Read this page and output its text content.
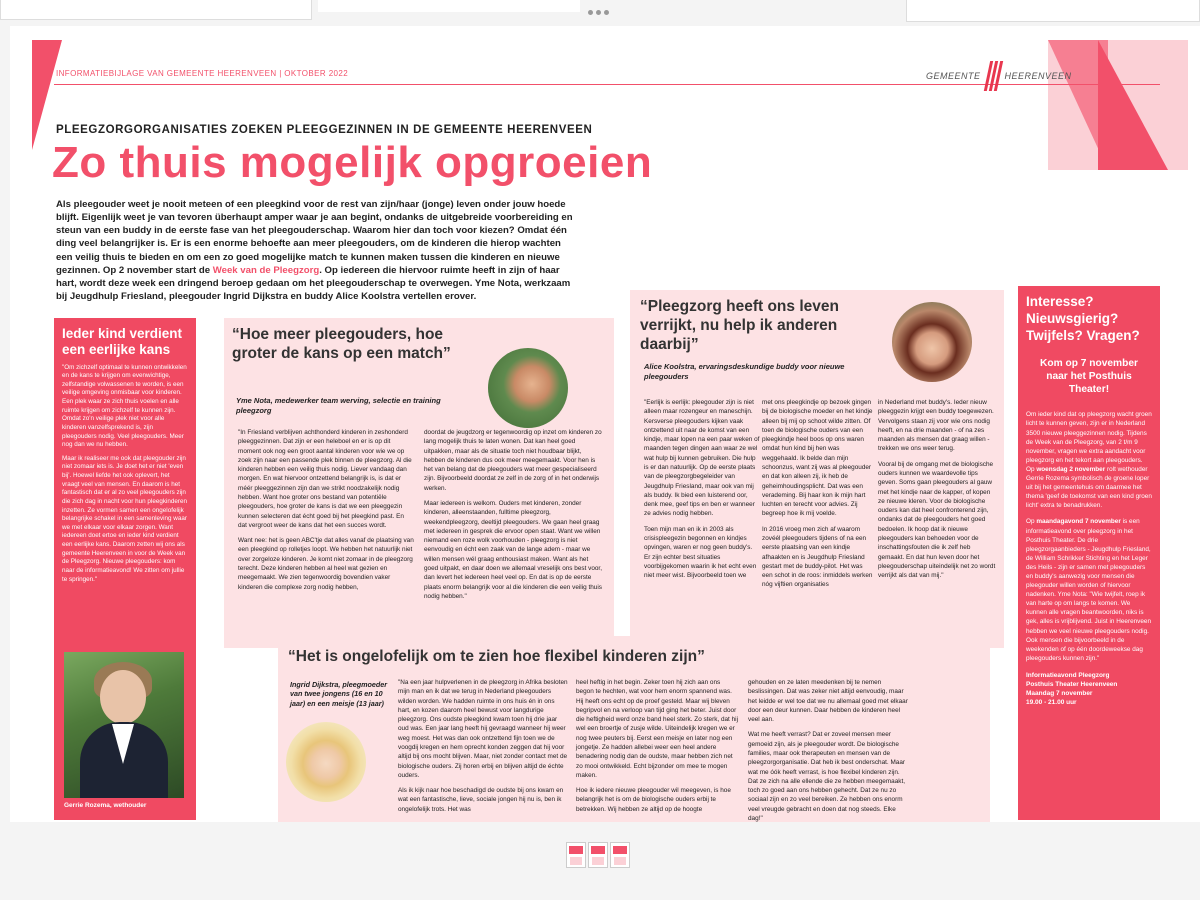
INFORMATIEBIJLAGE VAN GEMEENTE HEERENVEEN | OKTOBER 2022	GEMEENTE	HEERENVEEN
PLEEGZORGORGANISATIES ZOEKEN PLEEGGEZINNEN IN DE GEMEENTE HEERENVEEN
Zo thuis mogelijk opgroeien
Als pleegouder weet je nooit meteen of een pleegkind voor de rest van zijn/haar (jonge) leven onder jouw hoede blijft. Eigenlijk weet je van tevoren überhaupt amper waar je aan begint, ondanks de uitgebreide voorbereiding en steun van een buddy in de eerste fase van het pleegouderschap. Waarom hier dan toch voor kiezen? Omdat één ding veel belangrijker is. Er is een enorme behoefte aan meer pleegouders, om de kinderen die hierop wachten een veilig thuis te bieden en om een zo goed mogelijke match te kunnen maken tussen die kinderen en nieuwe gezinnen. Op 2 november start de Week van de Pleegzorg. Op iedereen die hiervoor ruimte heeft in zijn of haar hart, wordt deze week een dringend beroep gedaan om het pleegouderschap te overwegen. Yme Nota, werkzaam bij Jeugdhulp Friesland, pleegouder Ingrid Dijkstra en buddy Alice Koolstra vertellen erover.
Ieder kind verdient een eerlijke kans

"Om zichzelf optimaal te kunnen ontwikkelen en de kans te krijgen om evenwichtige, zelfstandige volwassenen te worden, is een veilige omgeving onmisbaar voor kinderen. Een plek waar ze zich thuis voelen en alle ruimte krijgen om zichzelf te kunnen zijn. Omdat zo'n veilige plek niet voor alle kinderen vanzelfsprekend is, zijn pleegouders nodig. Veel pleegouders. Meer nog dan we nu hebben.

Maar ik realiseer me ook dat pleegouder zijn niet zomaar iets is. Je doet het er niet 'even bij'. Hoewel liefde het ook oplevert, het vraagt veel van mensen. En daarom is het fantastisch dat er al zo veel pleegouders zijn die zich dag in nacht voor hun pleegkinderen inzetten. Ze vormen samen een ongelofelijk belangrijke schakel in een samenleving waar we met elkaar voor elkaar zorgen. Want iedereen doet ertoe en ieder kind verdient een eerlijke kans. Daarom zetten wij ons als gemeente Heerenveen in voor de Week van de Pleegzorg. Nieuwe pleegouders: kom naar de informatieavond! We zitten om jullie te springen."

Gerrie Rozema, wethouder
“Hoe meer pleegouders, hoe groter de kans op een match”
Yme Nota, medewerker team werving, selectie en training pleegzorg

"In Friesland verblijven achthonderd kinderen in zeshonderd pleeggezinnen. Dat zijn er een heleboel en er is op dit moment ook nog een groot aantal kinderen voor wie we op zoek zijn naar een passende plek binnen de pleegzorg. Al die kinderen hebben een veilig thuis nodig. Liever vandaag dan morgen. En wat hiervoor ontzettend belangrijk is, is dat er méér pleeggezinnen zijn dan we strikt noodzakelijk nodig hebben. Want hoe groter ons bestand van potentiële pleegouders, hoe groter de kans is dat we een pleeggezin kunnen selecteren dat écht goed bij het pleegkind past. En dat vergroot weer de kans dat het een succes wordt.

Want nee: het is geen ABC'tje dat alles vanaf de plaatsing van een pleegkind op rolletjes loopt. We hebben het natuurlijk niet over zorgeloze kinderen. Je komt niet zomaar in de pleegzorg terecht. Deze kinderen hebben al heel wat gezien en meegemaakt. We zien tegenwoordig bovendien vaker kinderen die complexe zorg nodig hebben,

doordat de jeugdzorg er tegenwoordig op inzet om kinderen zo lang mogelijk thuis te laten wonen. Dat kan heel goed uitpakken, maar als de situatie toch niet houdbaar blijkt, hebben de kinderen dus ook meer meegemaakt. Voor hen is het van belang dat de pleegouders wat meer gespecialiseerd zijn. Bijvoorbeeld doordat ze zelf in de zorg of in het onderwijs werken.

Maar iedereen is welkom. Ouders met kinderen, zonder kinderen, alleenstaanden, fulltime pleegzorg, weekendpleegzorg, deeltijd pleegouders. We gaan heel graag met iedereen in gesprek die ervoor open staat. Want we willen niemand een roze wolk voorhouden - pleegzorg is niet eenvoudig en écht een zaak van de lange adem - maar we willen mensen wél graag enthousiast maken. Want als het goed uitpakt, en daar doen we allemaal vreselijk ons best voor, dan levert het iedereen heel veel op. En dat is op de eerste plaats enorm belangrijk voor al die kinderen die een veilig thuis nodig hebben."

“Pleegzorg heeft ons leven verrijkt, nu help ik anderen daarbij”
Alice Koolstra, ervaringsdeskundige buddy voor nieuwe pleegouders

"Eerlijk is eerlijk: pleegouder zijn is niet alleen maar rozengeur en maneschijn. Kersverse pleegouders kijken vaak ontzettend uit naar de komst van een kindje, maar lopen na een paar weken of maanden tegen dingen aan waar ze wel wat hulp bij kunnen gebruiken. Die hulp is er dan natuurlijk. Op de eerste plaats van de pleegzorgbegeleider van Jeugdhulp Friesland, maar ook van mij als buddy. Ik bied een luisterend oor, denk mee, geef tips en ben er wanneer ze advies nodig hebben.

Toen mijn man en ik in 2003 als crisispleegezin begonnen en kindjes opvingen, waren er nog geen buddy's. Er zijn echter best situaties voorbijgekomen waarin ik het echt even niet meer wist. Bijvoorbeeld toen we

met ons pleegkindje op bezoek gingen bij de biologische moeder en het kindje alleen bij mij op schoot wilde zitten. Of toen de biologische ouders van een pleegkindje heel boos op ons waren omdat hun kind bij hen was weggehaald. Ik belde dan mijn schoonzus, want zij was al pleegouder en dat kon alleen zij, ik heb de geheimhoudingsplicht. Dat was een verademing. Bij haar kon ik mijn hart luchten en terecht voor advies. Zij begreep hoe ik mij voelde.

In 2016 vroeg men zich af waarom zovéél pleegouders tijdens of na een eerste plaatsing van een kindje afhaakten en is Jeugdhulp Friesland gestart met de buddy-pilot. Het was een schot in de roos: inmiddels werken nóg vijftien organisaties

in Nederland met buddy's. Ieder nieuw pleeggezin krijgt een buddy toegewezen. Vervolgens staan zij voor wie ons nodig heeft, en na drie maanden - of na zes maanden als mensen dat graag willen - trekken we ons weer terug.

Vooral bij de omgang met de biologische ouders kunnen we waardevolle tips geven. Soms gaan pleegouders al gauw met het kindje naar de kapper, of kopen ze nieuwe kleren. Voor de biologische ouders kan dat heel confronterend zijn, ondanks dat de pleegouders het goed bedoelen. Ik hoop dat ik nieuwe pleegouders kan behoeden voor de inschattingsfouten die ik zelf heb gemaakt. En dat hun leven door het pleegouderschap uiteindelijk net zo wordt verrijkt als dat van mij."

“Het is ongelofelijk om te zien hoe flexibel kinderen zijn”
Ingrid Dijkstra, pleegmoeder van twee jongens (16 en 10 jaar) en een meisje (13 jaar)

"Na een jaar hulpverlenen in de pleegzorg in Afrika besloten mijn man en ik dat we terug in Nederland pleegouders wilden worden. We hadden ruimte in ons huis én in ons hart, en kozen daarom heel bewust voor langdurige pleegzorg. Ons oudste pleegkind kwam toen hij drie jaar oud was. Een jaar lang heeft hij gevraagd wanneer hij weer weg moest. Het was dan ook ontzettend fijn toen we de voogdij kregen en hem oprecht konden zeggen dat hij voor altijd bij ons mocht blijven. Maar, niet zonder contact met de biologische ouders. Zij horen erbij en blijven altijd de échte ouders.

Als ik kijk naar hoe beschadigd de oudste bij ons kwam en wat een fantastische, lieve, sociale jongen hij nu is, ben ik ongelofelijk trots. Het was

heel heftig in het begin. Zeker toen hij zich aan ons begon te hechten, wat voor hem enorm spannend was. Hij heeft ons echt op de proef gesteld. Maar wij bleven begripvol en na verloop van tijd ging het beter. Juist door die heftigheid werd onze band heel sterk. Zo sterk, dat hij wel een broertje of zusje wilde. Uiteindelijk kregen we er nog twee peuters bij. Eerst een meisje en later nog een jongetje. Ze hadden allebei weer een heel andere benadering nodig dan de oudste, maar hebben zich net zo mooi ontwikkeld. Echt bijzonder om mee te mogen maken.

Hoe ik iedere nieuwe pleegouder wil meegeven, is hoe belangrijk het is om de biologische ouders erbij te betrekken. Wij hebben ze altijd op de hoogte

gehouden en ze laten meedenken bij te nemen beslissingen. Dat was zeker niet altijd eenvoudig, maar het leidde er wel toe dat we nu allemaal goed met elkaar door een deur kunnen. Daar hebben de kinderen heel veel aan.

Wat me heeft verrast? Dat er zoveel mensen meer gemoeid zijn, als je pleegouder wordt. De biologische families, maar ook therapeuten en mensen van de pleegzorgorganisatie. Dat heb ik best onderschat. Maar wat me óók heeft verrast, is hoe flexibel kinderen zijn. Dat ze zich na alle ellende die ze hebben meegemaakt, toch zo goed aan ons hebben gehecht. Dat ze nu zo sociaal zijn en zo veel bereiken. Ze hebben ons enorm veel vreugde gebracht en doen dat nog steeds. Elke dag!"

Interesse? Nieuwsgierig? Twijfels? Vragen?
Kom op 7 november naar het Posthuis Theater!

Om ieder kind dat op pleegzorg wacht groen licht te kunnen geven, zijn er in Nederland 3500 nieuwe pleeggezinnen nodig. Tijdens de Week van de Pleegzorg, van 2 t/m 9 november, vragen we extra aandacht voor pleegzorg en het tekort aan pleegouders. Op woensdag 2 november rolt wethouder Gerrie Rozema symbolisch de groene loper uit bij het gemeentehuis om daarmee het thema 'geef de toekomst van een kind groen licht' extra te benadrukken.

Op maandagavond 7 november is een informatieavond over pleegzorg in het Posthuis Theater. De drie pleegzorgaanbieders - Jeugdhulp Friesland, de William Schrikker Stichting en het Leger des Heils - zijn er samen met pleegouders en buddy's aanwezig voor mensen die pleegouder willen worden of hiervoor nadenken. Yme Nota: "Wie twijfelt, roep ik van harte op om langs te komen. We kunnen alle vragen beantwoorden, niks is gek, alles is vrijblijvend. Juist in Heerenveen hebben we veel nieuwe pleegouders nodig. Ook mensen die bijvoorbeeld in de weekenden of op één doordeweekse dag pleegouders kunnen zijn."

Informatieavond Pleegzorg
Posthuis Theater Heerenveen
Maandag 7 november
19.00 - 21.00 uur
